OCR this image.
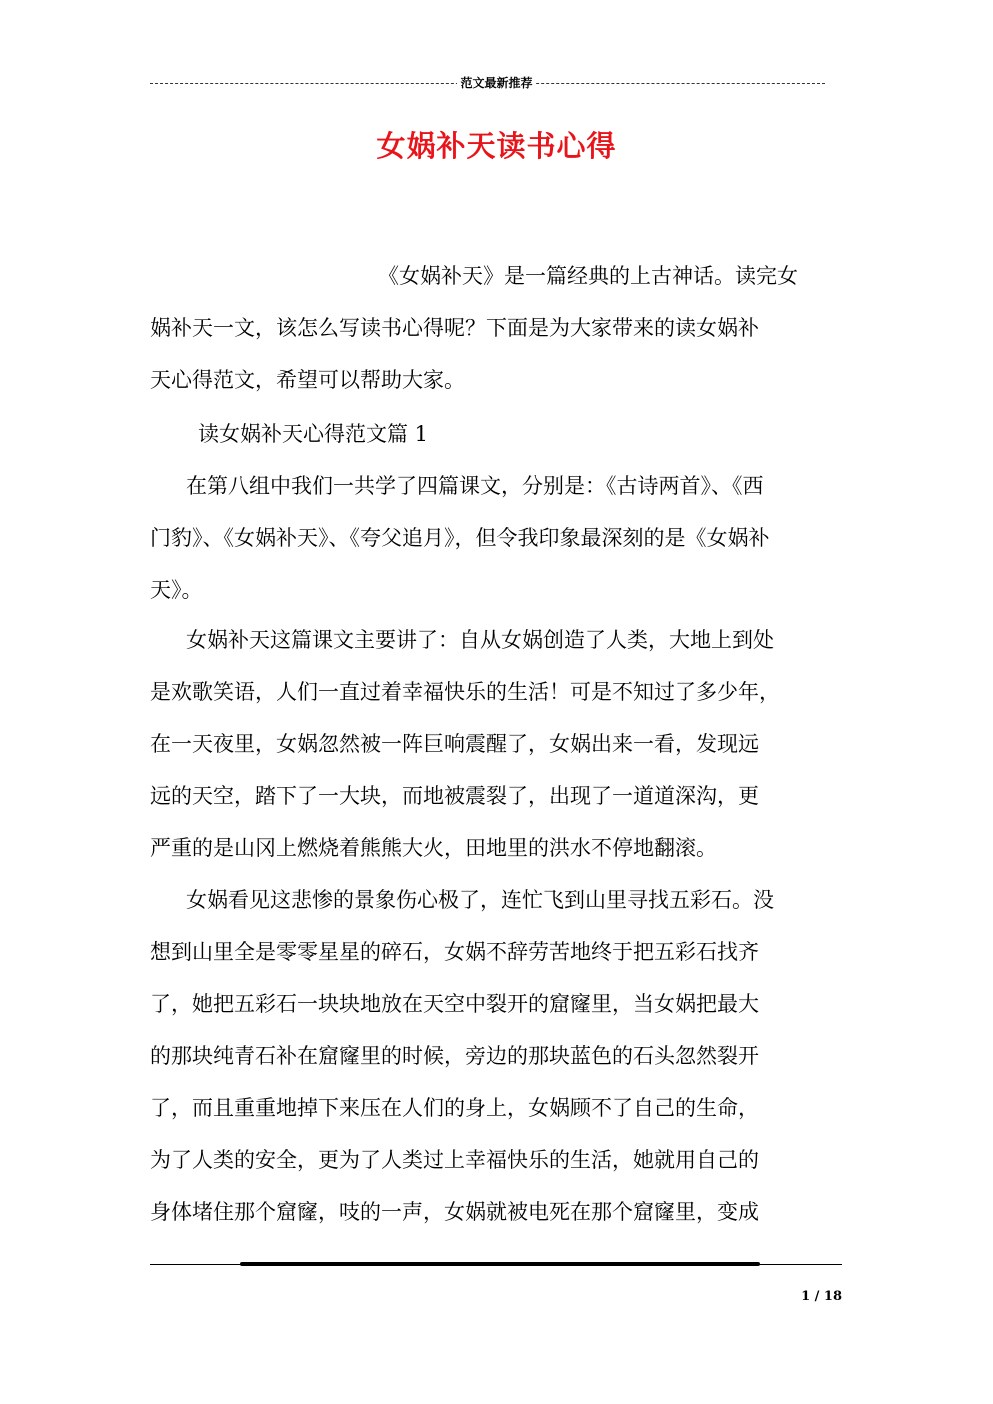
范文最新推荐
女娲补天读书心得
《女娲补天》是一篇经典的上古神话。读完女
娲补天一文，该怎么写读书心得呢？下面是为大家带来的读女娲补
天心得范文，希望可以帮助大家。
读女娲补天心得范文篇 1
在第八组中我们一共学了四篇课文，分别是：《古诗两首》、《西
门豹》、《女娲补天》、《夸父追月》，但令我印象最深刻的是《女娲补
天》。
女娲补天这篇课文主要讲了：自从女娲创造了人类，大地上到处
是欢歌笑语，人们一直过着幸福快乐的生活！可是不知过了多少年，
在一天夜里，女娲忽然被一阵巨响震醒了，女娲出来一看，发现远
远的天空，踏下了一大块，而地被震裂了，出现了一道道深沟，更
严重的是山冈上燃烧着熊熊大火，田地里的洪水不停地翻滚。
女娲看见这悲惨的景象伤心极了，连忙飞到山里寻找五彩石。没
想到山里全是零零星星的碎石，女娲不辞劳苦地终于把五彩石找齐
了，她把五彩石一块块地放在天空中裂开的窟窿里，当女娲把最大
的那块纯青石补在窟窿里的时候，旁边的那块蓝色的石头忽然裂开
了，而且重重地掉下来压在人们的身上，女娲顾不了自己的生命，
为了人类的安全，更为了人类过上幸福快乐的生活，她就用自己的
身体堵住那个窟窿，吱的一声，女娲就被电死在那个窟窿里，变成
1 / 18
